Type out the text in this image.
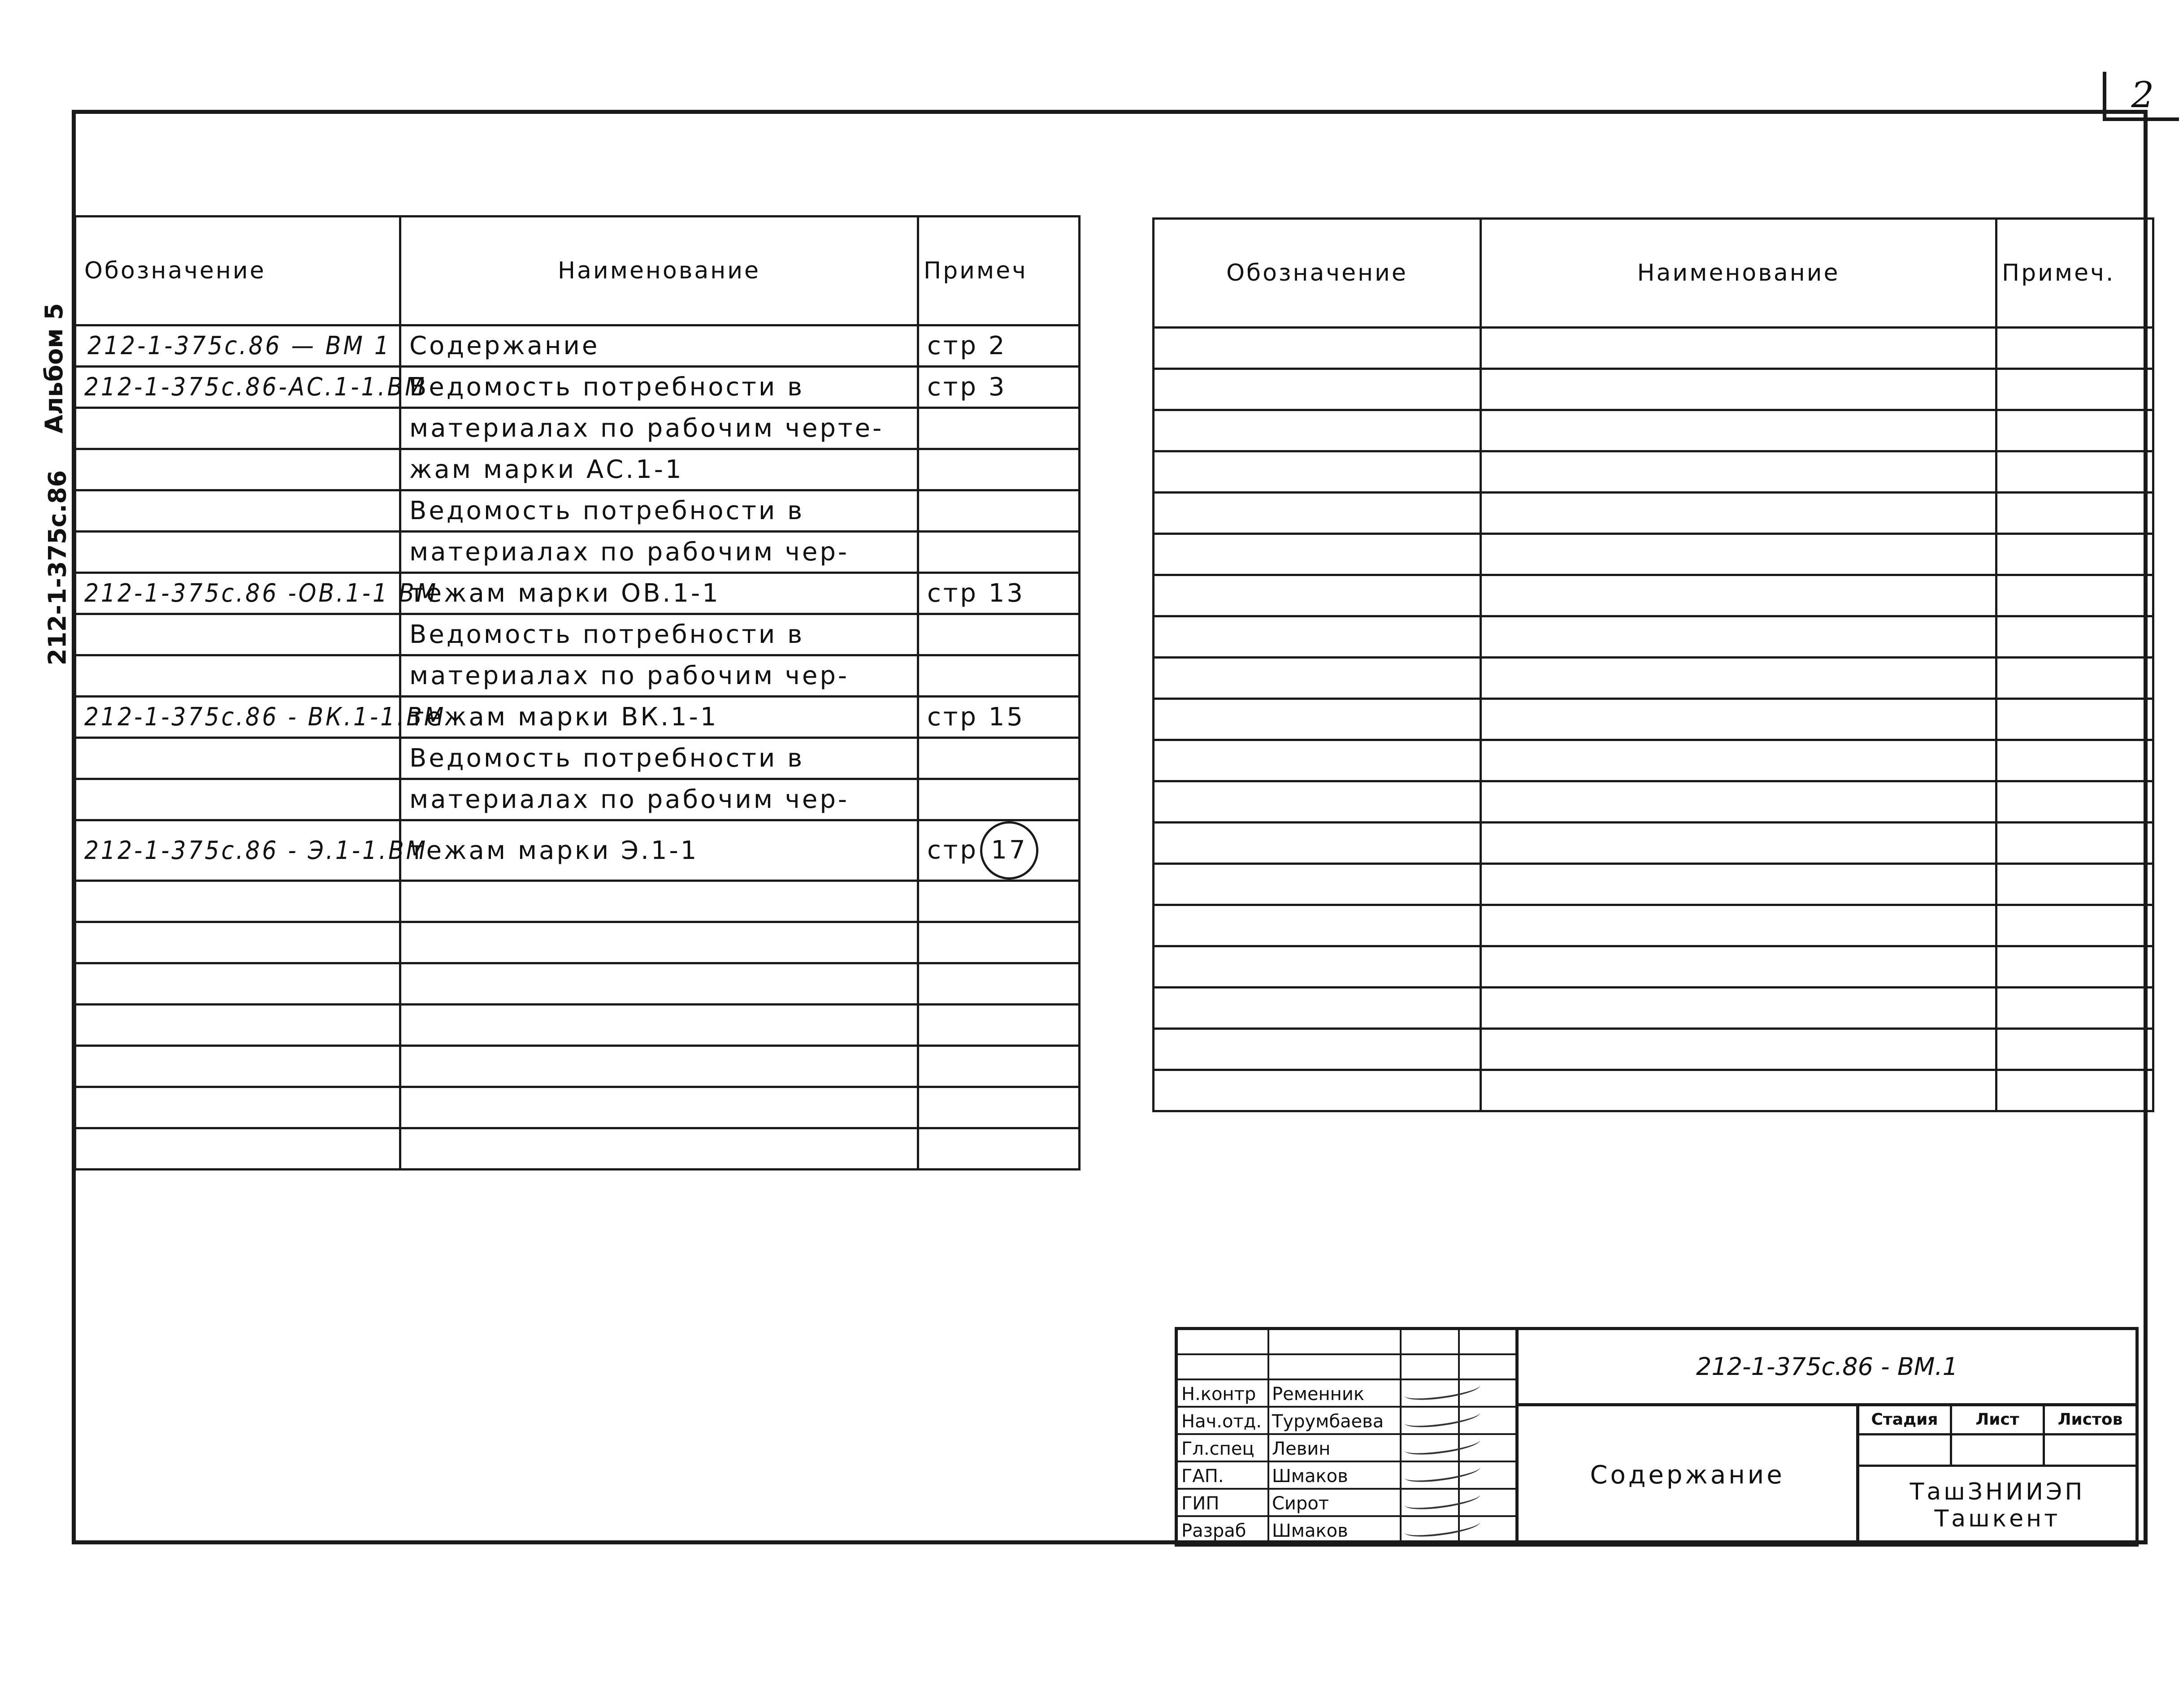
2
Альбом 5
212-1-375с.86
Обозначение	Наименование	Примеч
212-1-375с.86 — ВМ 1	Содержание	стр 2
212-1-375с.86-АС.1-1.ВМ	Ведомость потребности в	стр 3
	материалах по рабочим черте-	
	жам марки АС.1-1	
	Ведомость потребности в	
	материалах по рабочим чер-	
212-1-375с.86 -ОВ.1-1 ВМ	тежам марки ОВ.1-1	стр 13
	Ведомость потребности в	
	материалах по рабочим чер-	
212-1-375с.86 - ВК.1-1.ВМ	тежам марки ВК.1-1	стр 15
	Ведомость потребности в	
	материалах по рабочим чер-	
212-1-375с.86 - Э.1-1.ВМ	тежам марки Э.1-1	стр 17

Обозначение	Наименование	Примеч.

Н.контр Ременник
Нач.отд. Турумбаева
Гл.спец Левин
ГАП.	Шмаков
ГИП	Сирот
Разраб	Шмаков
212-1-375с.86 - ВМ.1
Содержание
Стадия	Лист	Листов
ТашЗНИИЭП
Ташкент
